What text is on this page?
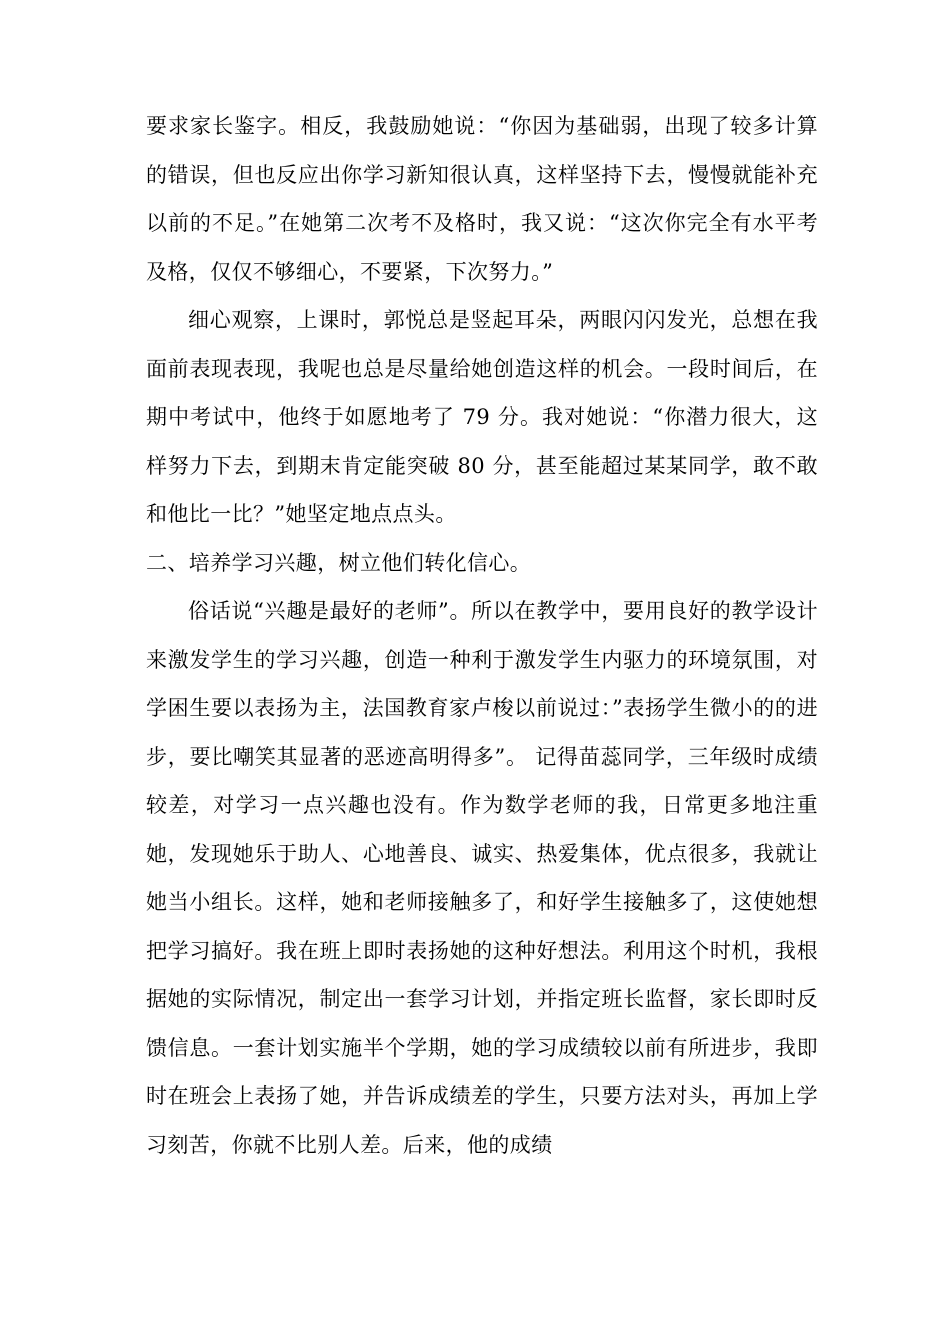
要求家长鉴字。相反，我鼓励她说：“你因为基础弱，出现了较多计算的错误，但也反应出你学习新知很认真，这样坚持下去，慢慢就能补充以前的不足。”在她第二次考不及格时，我又说：“这次你完全有水平考及格，仅仅不够细心，不要紧，下次努力。”

细心观察，上课时，郭悦总是竖起耳朵，两眼闪闪发光，总想在我面前表现表现，我呢也总是尽量给她创造这样的机会。一段时间后，在期中考试中，他终于如愿地考了 79 分。我对她说：“你潜力很大，这样努力下去，到期末肯定能突破 80 分，甚至能超过某某同学，敢不敢和他比一比？”她坚定地点点头。

二、培养学习兴趣，树立他们转化信心。

俗话说“兴趣是最好的老师”。所以在教学中，要用良好的教学设计来激发学生的学习兴趣，创造一种利于激发学生内驱力的环境氛围，对学困生要以表扬为主，法国教育家卢梭以前说过：”表扬学生微小的的进步，要比嘲笑其显著的恶迹高明得多”。 记得苗蕊同学，三年级时成绩较差，对学习一点兴趣也没有。作为数学老师的我，日常更多地注重她，发现她乐于助人、心地善良、诚实、热爱集体，优点很多，我就让她当小组长。这样，她和老师接触多了，和好学生接触多了，这使她想把学习搞好。我在班上即时表扬她的这种好想法。利用这个时机，我根据她的实际情况，制定出一套学习计划，并指定班长监督，家长即时反馈信息。一套计划实施半个学期，她的学习成绩较以前有所进步，我即时在班会上表扬了她，并告诉成绩差的学生，只要方法对头，再加上学习刻苦，你就不比别人差。后来，他的成绩
